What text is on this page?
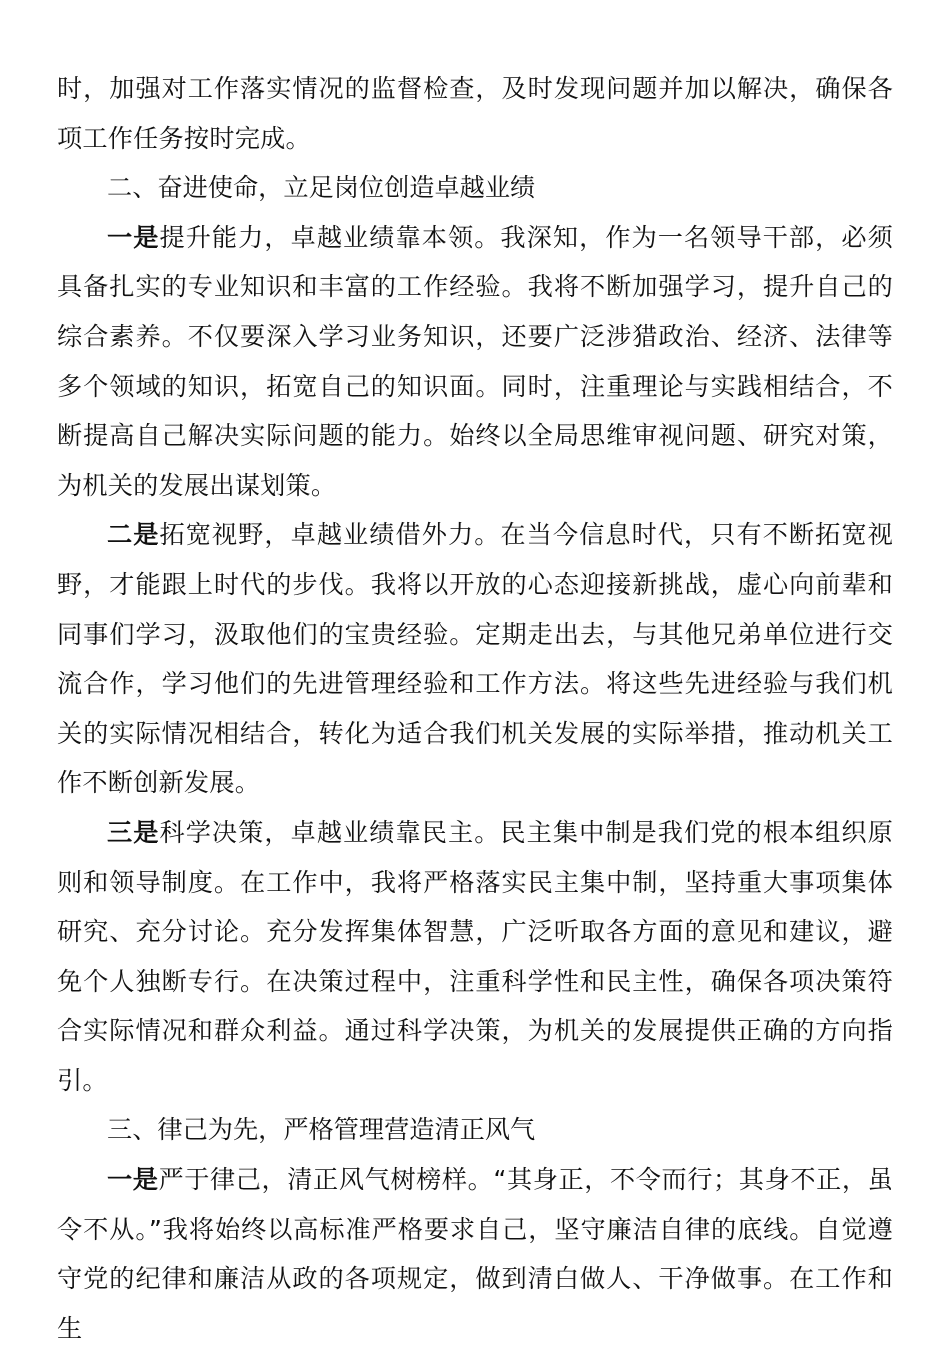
时，加强对工作落实情况的监督检查，及时发现问题并加以解决，确保各项工作任务按时完成。

二、奋进使命，立足岗位创造卓越业绩

一是提升能力，卓越业绩靠本领。我深知，作为一名领导干部，必须具备扎实的专业知识和丰富的工作经验。我将不断加强学习，提升自己的综合素养。不仅要深入学习业务知识，还要广泛涉猎政治、经济、法律等多个领域的知识，拓宽自己的知识面。同时，注重理论与实践相结合，不断提高自己解决实际问题的能力。始终以全局思维审视问题、研究对策，为机关的发展出谋划策。

二是拓宽视野，卓越业绩借外力。在当今信息时代，只有不断拓宽视野，才能跟上时代的步伐。我将以开放的心态迎接新挑战，虚心向前辈和同事们学习，汲取他们的宝贵经验。定期走出去，与其他兄弟单位进行交流合作，学习他们的先进管理经验和工作方法。将这些先进经验与我们机关的实际情况相结合，转化为适合我们机关发展的实际举措，推动机关工作不断创新发展。

三是科学决策，卓越业绩靠民主。民主集中制是我们党的根本组织原则和领导制度。在工作中，我将严格落实民主集中制，坚持重大事项集体研究、充分讨论。充分发挥集体智慧，广泛听取各方面的意见和建议，避免个人独断专行。在决策过程中，注重科学性和民主性，确保各项决策符合实际情况和群众利益。通过科学决策，为机关的发展提供正确的方向指引。

三、律己为先，严格管理营造清正风气

一是严于律己，清正风气树榜样。“其身正，不令而行；其身不正，虽令不从。”我将始终以高标准严格要求自己，坚守廉洁自律的底线。自觉遵守党的纪律和廉洁从政的各项规定，做到清白做人、干净做事。在工作和生
